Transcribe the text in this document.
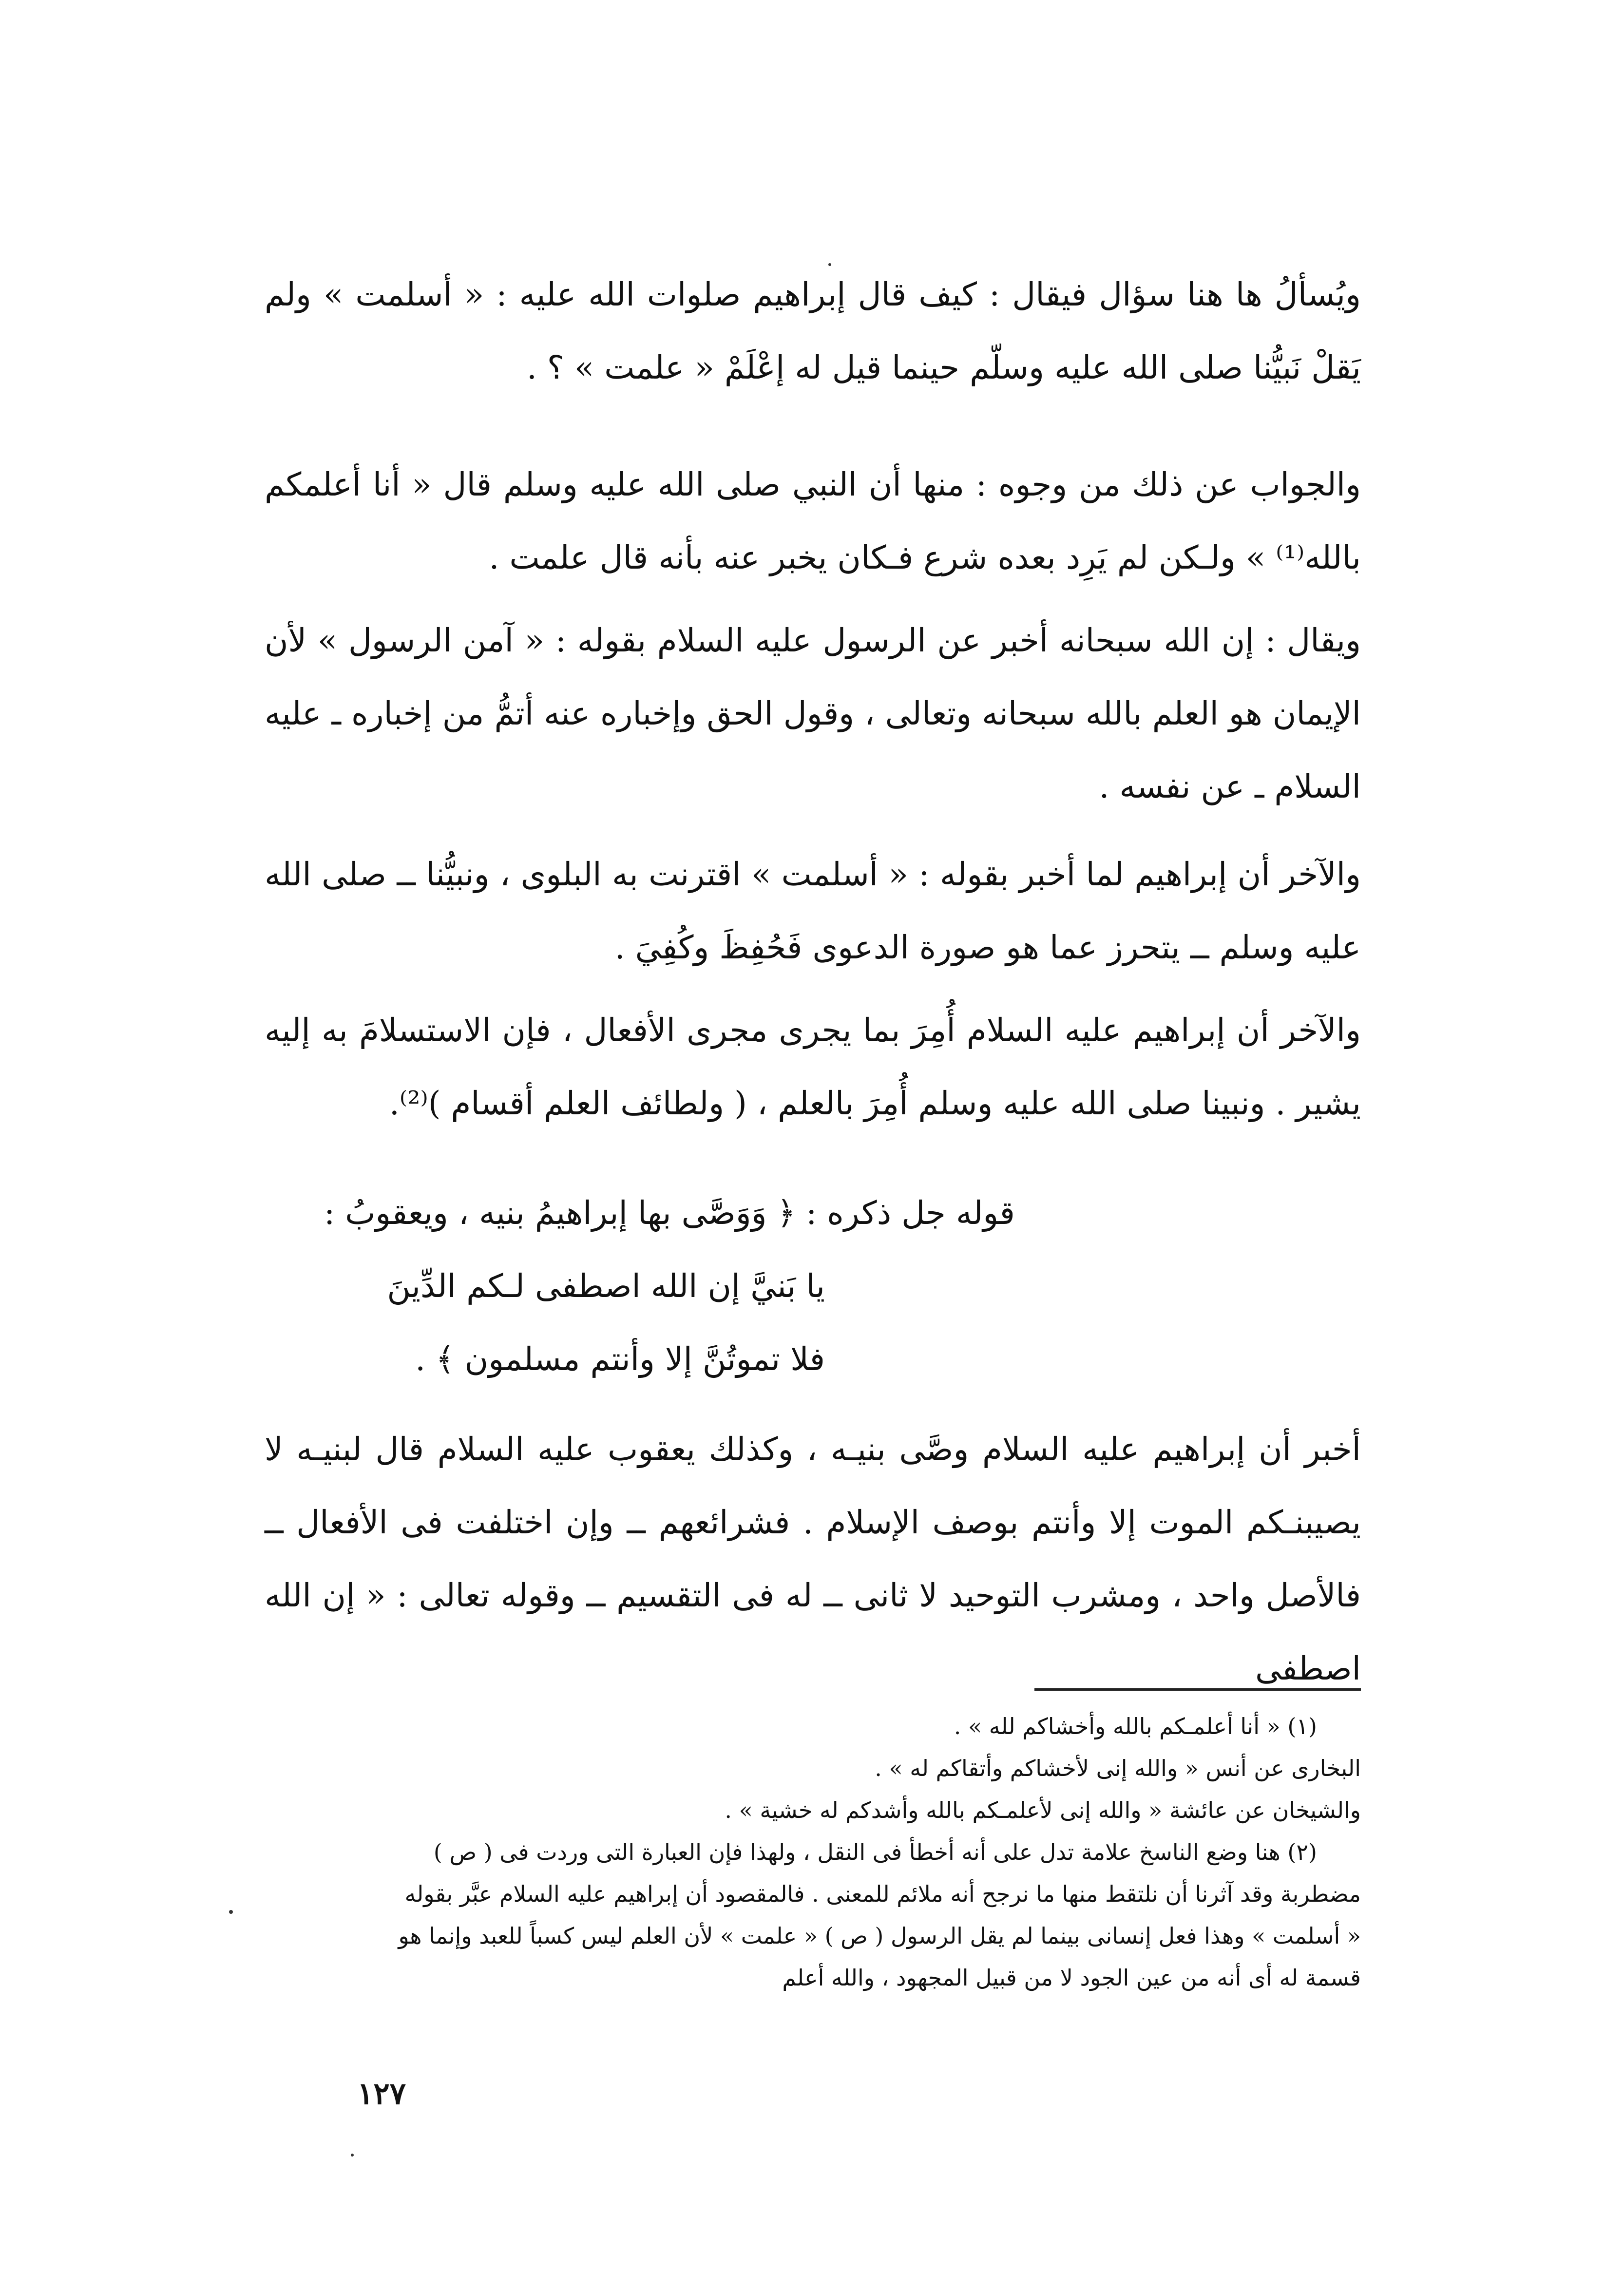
ويُسألُ ها هنا سؤال فيقال : كيف قال إبراهيم صلوات الله عليه : « أسلمت » ولم يَقلْ نَبيُّنا صلى الله عليه وسلّم حينما قيل له إعْلَمْ « علمت » ؟ .

والجواب عن ذلك من وجوه : منها أن النبي صلى الله عليه وسلم قال « أنا أعلمكم بالله⁽¹⁾ » ولـكن لم يَرِد بعده شرع فـكان يخبر عنه بأنه قال علمت .

ويقال : إن الله سبحانه أخبر عن الرسول عليه السلام بقوله : « آمن الرسول » لأن الإيمان هو العلم بالله سبحانه وتعالى ، وقول الحق وإخباره عنه أتمُّ من إخباره ـ عليه السلام ـ عن نفسه .

والآخر أن إبراهيم لما أخبر بقوله : « أسلمت » اقترنت به البلوى ، ونبيُّنا ــ صلى الله عليه وسلم ــ يتحرز عما هو صورة الدعوى فَحُفِظَ وكُفِيَ .

والآخر أن إبراهيم عليه السلام أُمِرَ بما يجرى مجرى الأفعال ، فإن الاستسلامَ به إليه يشير . ونبينا صلى الله عليه وسلم أُمِرَ بالعلم ، ( ولطائف العلم أقسام )⁽²⁾.

قوله جل ذكره : ﴿ وَوَصَّى بها إبراهيمُ بنيه ، ويعقوبُ :
يا بَنيَّ إن الله اصطفى لـكم الدِّينَ
فلا تموتُنَّ إلا وأنتم مسلمون ﴾ .

أخبر أن إبراهيم عليه السلام وصَّى بنيـه ، وكذلك يعقوب عليه السلام قال لبنيـه لا يصيبنـكم الموت إلا وأنتم بوصف الإسلام . فشرائعهم ــ وإن اختلفت فى الأفعال ــ فالأصل واحد ، ومشرب التوحيد لا ثانى ــ له فى التقسيم ــ وقوله تعالى : « إن الله اصطفى

(١) « أنا أعلمـكم بالله وأخشاكم لله » .
البخارى عن أنس « والله إنى لأخشاكم وأتقاكم له » .
والشيخان عن عائشة « والله إنى لأعلمـكم بالله وأشدكم له خشية » .
(٢) هنا وضع الناسخ علامة تدل على أنه أخطأ فى النقل ، ولهذا فإن العبارة التى وردت فى ( ص )
مضطربة وقد آثرنا أن نلتقط منها ما نرجح أنه ملائم للمعنى . فالمقصود أن إبراهيم عليه السلام عبَّر بقوله
« أسلمت » وهذا فعل إنسانى بينما لم يقل الرسول ( ص ) « علمت » لأن العلم ليس كسباً للعبد وإنما هو
قسمة له أى أنه من عين الجود لا من قبيل المجهود ، والله أعلم
١٢٧
